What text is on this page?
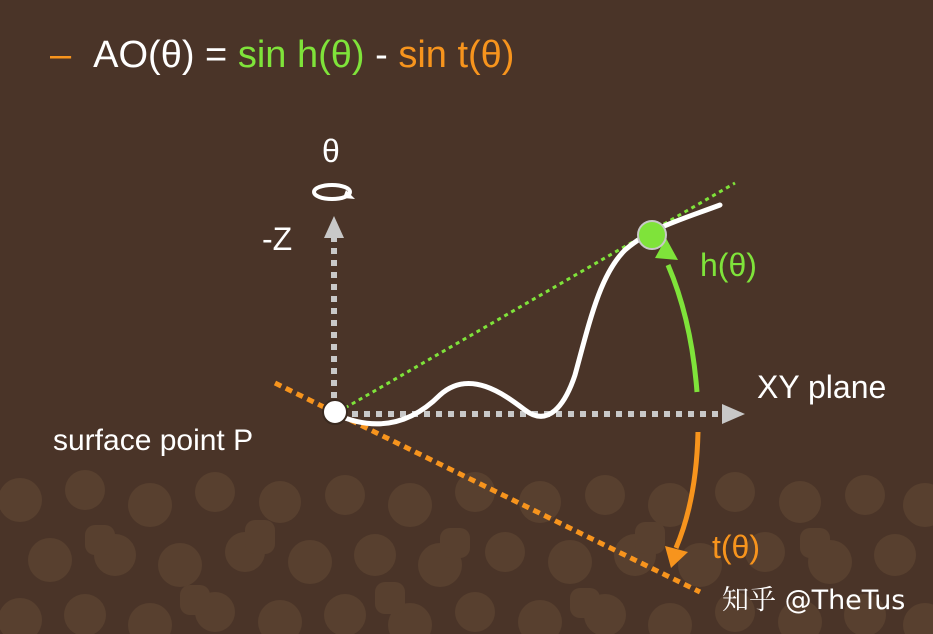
– AO(θ) = sin h(θ) - sin t(θ)
θ
-Z
h(θ)
XY plane
surface point P
t(θ)
知乎 @TheTus
